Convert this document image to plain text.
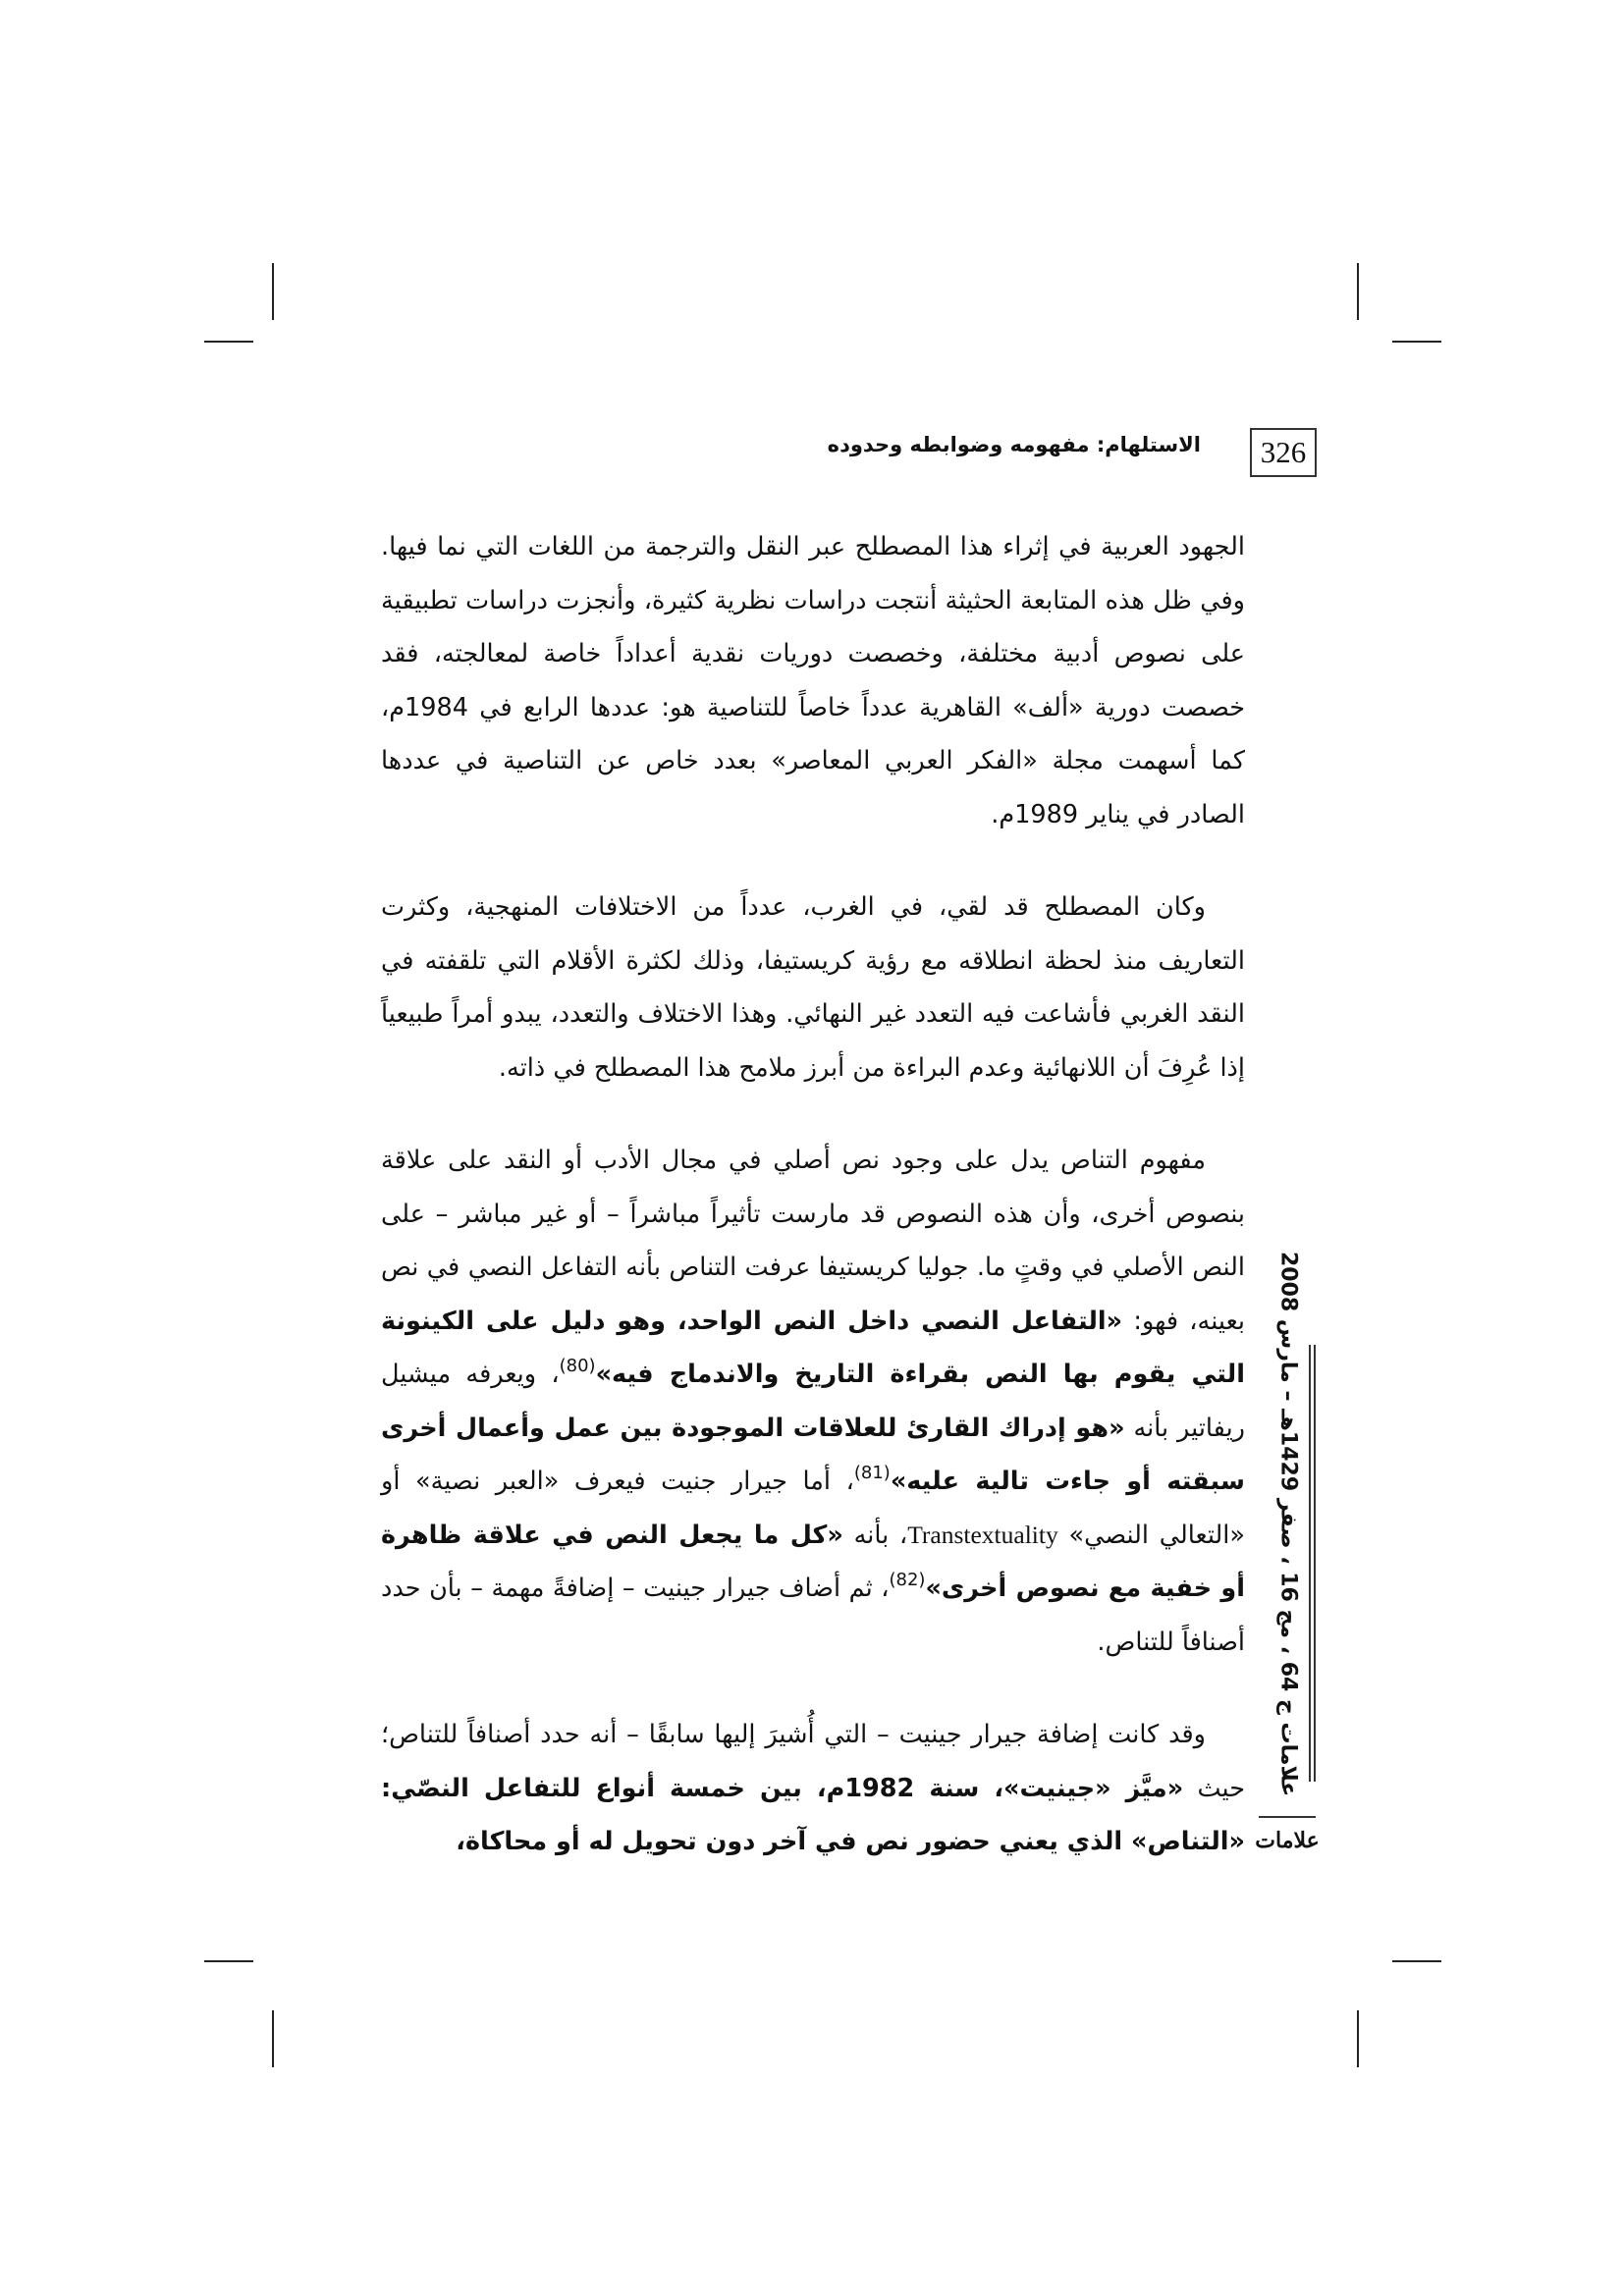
326
الاستلهام: مفهومه وضوابطه وحدوده

الجهود العربية في إثراء هذا المصطلح عبر النقل والترجمة من اللغات التي نما فيها. وفي ظل هذه المتابعة الحثيثة أنتجت دراسات نظرية كثيرة، وأنجزت دراسات تطبيقية على نصوص أدبية مختلفة، وخصصت دوريات نقدية أعداداً خاصة لمعالجته، فقد خصصت دورية «ألف» القاهرية عدداً خاصاً للتناصية هو: عددها الرابع في 1984م، كما أسهمت مجلة «الفكر العربي المعاصر» بعدد خاص عن التناصية في عددها الصادر في يناير 1989م.

وكان المصطلح قد لقي، في الغرب، عدداً من الاختلافات المنهجية، وكثرت التعاريف منذ لحظة انطلاقه مع رؤية كريستيفا، وذلك لكثرة الأقلام التي تلقفته في النقد الغربي فأشاعت فيه التعدد غير النهائي. وهذا الاختلاف والتعدد، يبدو أمراً طبيعياً إذا عُرِفَ أن اللانهائية وعدم البراءة من أبرز ملامح هذا المصطلح في ذاته.

مفهوم التناص يدل على وجود نص أصلي في مجال الأدب أو النقد على علاقة بنصوص أخرى، وأن هذه النصوص قد مارست تأثيراً مباشراً – أو غير مباشر – على النص الأصلي في وقتٍ ما. جوليا كريستيفا عرفت التناص بأنه التفاعل النصي في نص بعينه، فهو: «التفاعل النصي داخل النص الواحد، وهو دليل على الكينونة التي يقوم بها النص بقراءة التاريخ والاندماج فيه»$^{(80)}$، ويعرفه ميشيل ريفاتير بأنه «هو إدراك القارئ للعلاقات الموجودة بين عمل وأعمال أخرى سبقته أو جاءت تالية عليه»$^{(81)}$، أما جيرار جنيت فيعرف «العبر نصية» أو «التعالي النصي» Transtextuality، بأنه «كل ما يجعل النص في علاقة ظاهرة أو خفية مع نصوص أخرى»$^{(82)}$، ثم أضاف جيرار جينيت – إضافةً مهمة – بأن حدد أصنافاً للتناص.

وقد كانت إضافة جيرار جينيت – التي أُشيرَ إليها سابقًا – أنه حدد أصنافاً للتناص؛ حيث «ميَّز «جينيت»، سنة 1982م، بين خمسة أنواع للتفاعل النصّي: «التناص» الذي يعني حضور نص في آخر دون تحويل له أو محاكاة،

علامات ج 64 ، مج 16 ، صفر 1429هـ – مارس 2008
علامات
